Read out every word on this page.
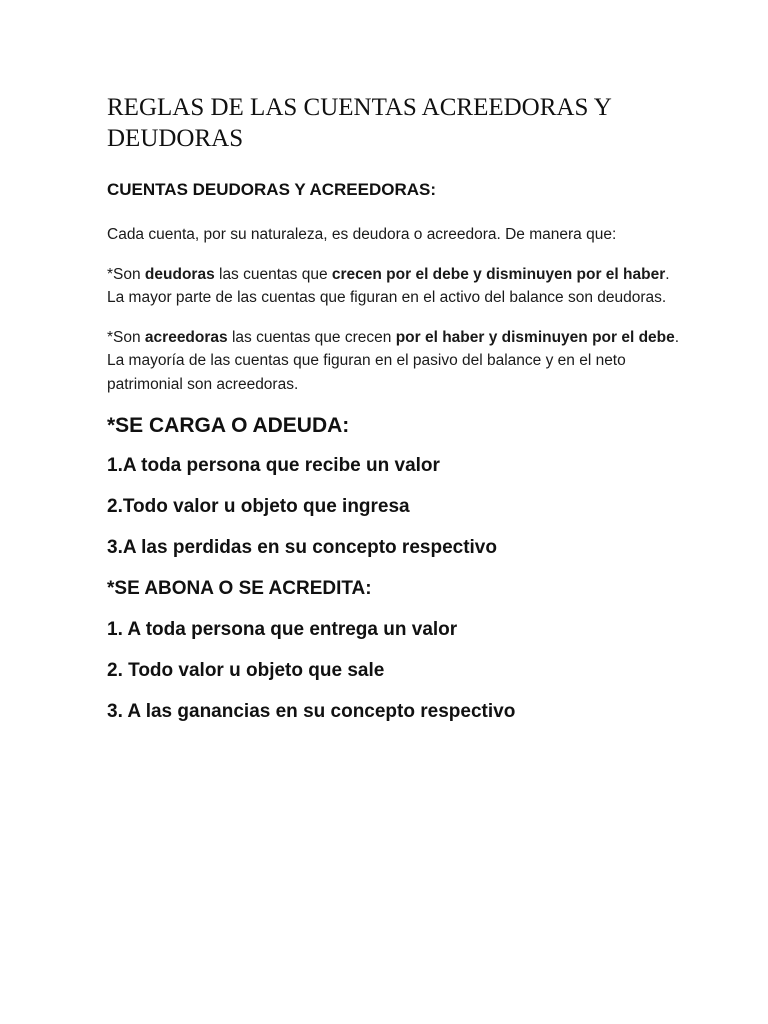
REGLAS DE LAS CUENTAS ACREEDORAS Y DEUDORAS
CUENTAS DEUDORAS Y ACREEDORAS:

Cada cuenta, por su naturaleza, es deudora o acreedora. De manera que:

*Son deudoras las cuentas que crecen por el debe y disminuyen por el haber. La mayor parte de las cuentas que figuran en el activo del balance son deudoras.

*Son acreedoras las cuentas que crecen por el haber y disminuyen por el debe. La mayoría de las cuentas que figuran en el pasivo del balance y en el neto patrimonial son acreedoras.

*SE CARGA O ADEUDA:
1.A toda persona que recibe un valor
2.Todo valor u objeto que ingresa
3.A las perdidas en su concepto respectivo
*SE ABONA O SE ACREDITA:
1. A toda persona que entrega un valor
2. Todo valor u objeto que sale
3. A las ganancias en su concepto respectivo
